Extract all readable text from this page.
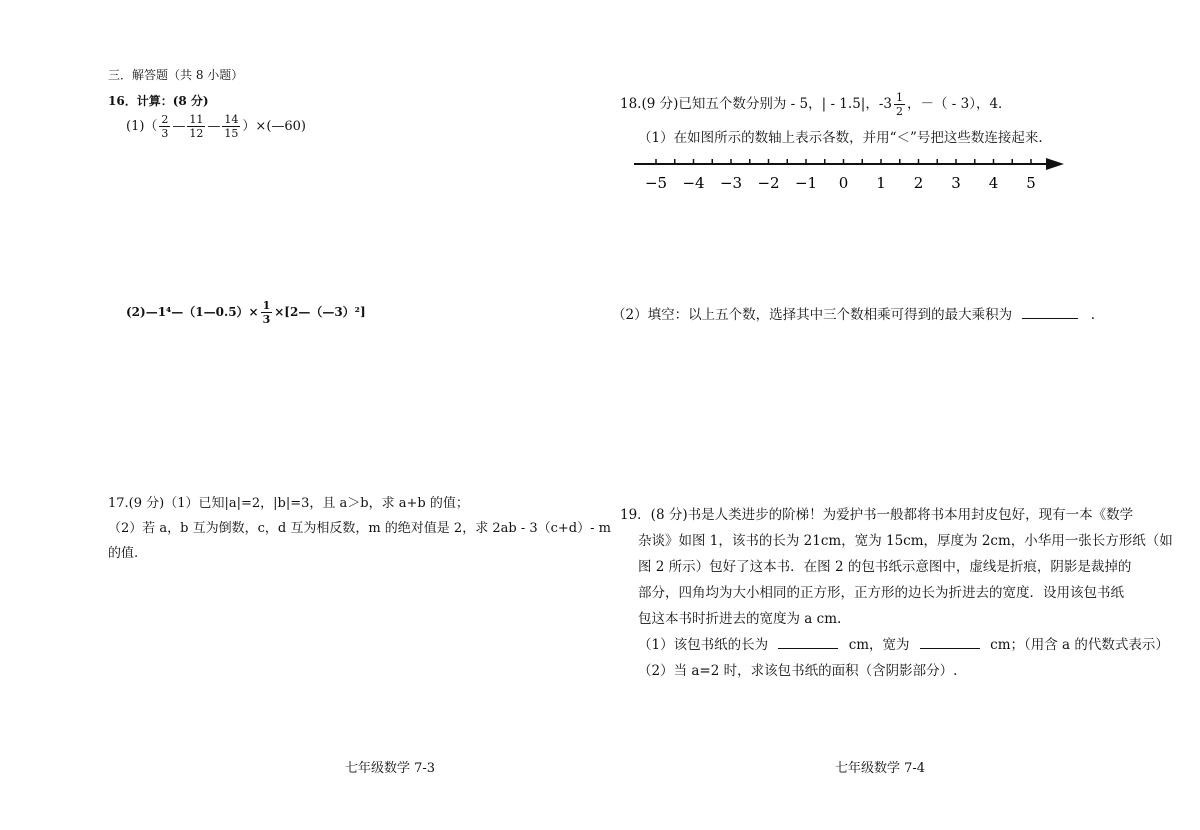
三．解答题（共 8 小题）
16．计算：(8 分)
$(1)( \frac{2}{3}$ — $\frac{11}{12}$ — $\frac{14}{15}$ ）×(—60)
(2)—1⁴—（1—0.5）× $\frac{1}{3}$ ×[2—（—3）²]
17.(9 分)（1）已知|a|=2，|b|=3，且 a＞b，求 a+b 的值；
（2）若 a，b 互为倒数，c，d 互为相反数，m 的绝对值是 2，求 2ab - 3（c+d）- m
的值.
七年级数学 7-3
18.(9 分)已知五个数分别为 - 5，| - 1.5|，$-3 \frac{1}{2}$ ，－（ - 3），4．
（1）在如图所示的数轴上表示各数，并用“＜”号把这些数连接起来.
−5 −4 −3 −2 −1 0 1 2 3 4 5
（2）填空：以上五个数，选择其中三个数相乘可得到的最大乘积为	.
19．(8 分)书是人类进步的阶梯！为爱护书一般都将书本用封皮包好，现有一本《数学
杂谈》如图 1，该书的长为 21cm，宽为 15cm，厚度为 2cm，小华用一张长方形纸（如
图 2 所示）包好了这本书．在图 2 的包书纸示意图中，虚线是折痕，阴影是裁掉的
部分，四角均为大小相同的正方形，正方形的边长为折进去的宽度．设用该包书纸
包这本书时折进去的宽度为 a cm.
（1）该包书纸的长为	cm，宽为	cm；（用含 a 的代数式表示）
（2）当 a=2 时，求该包书纸的面积（含阴影部分）.
七年级数学 7-4
